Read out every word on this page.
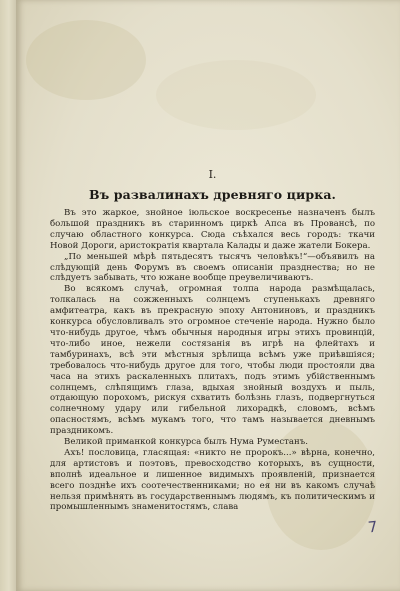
I.
Въ развалинахъ древняго цирка.

Въ это жаркое, знойное іюльское воскресенье назначенъ былъ большой праздникъ въ старинномъ циркѣ Апса въ Провансѣ, по случаю областного конкурса. Сюда съѣхался весь городъ: ткачи Новой Дороги, аристократія квартала Калады и даже жатели Бокера.

„По меньшей мѣрѣ пятьдесятъ тысячъ человѣкъ!“—объявилъ на слѣдующій день Форумъ въ своемъ описаніи празднества; но не слѣдуетъ забывать, что южане вообще преувеличиваютъ.

Во всякомъ случаѣ, огромная толпа народа размѣщалась, толкалась на сожженныхъ солнцемъ ступенькахъ древняго амфитеатра, какъ въ прекрасную эпоху Антониновъ, и праздникъ конкурса обусловливалъ это огромное стеченіе народа. Нужно было что-нибудь другое, чѣмъ обычныя народныя игры этихъ провинцій, что-либо иное, нежели состязанія въ игрѣ на флейтахъ и тамбуринахъ, всѣ эти мѣстныя зрѣлища всѣмъ уже приѣвшіяся; требовалось что-нибудь другое для того, чтобы люди простояли два часа на этихъ раскаленныхъ плитахъ, подъ этимъ убійственнымъ солнцемъ, слѣпящимъ глаза, вдыхая знойный воздухъ и пыль, отдающую порохомъ, рискуя схватить болѣзнь глазъ, подвергнуться солнечному удару или гибельной лихорадкѣ, словомъ, всѣмъ опасностямъ, всѣмъ мукамъ того, что тамъ называется дневнымъ праздникомъ.

Великой приманкой конкурса былъ Нума Руместанъ.

Ахъ! пословица, гласящая: «никто не пророкъ...» вѣрна, конечно, для артистовъ и поэтовъ, превосходство которыхъ, въ сущности, вполнѣ идеальное и лишенное видимыхъ проявленій, признается всего позднѣе ихъ соотечественниками; но ея ни въ какомъ случаѣ нельзя примѣнять въ государственнымъ людямъ, къ политическимъ и промышленнымъ знаменитостямъ, слава

7
